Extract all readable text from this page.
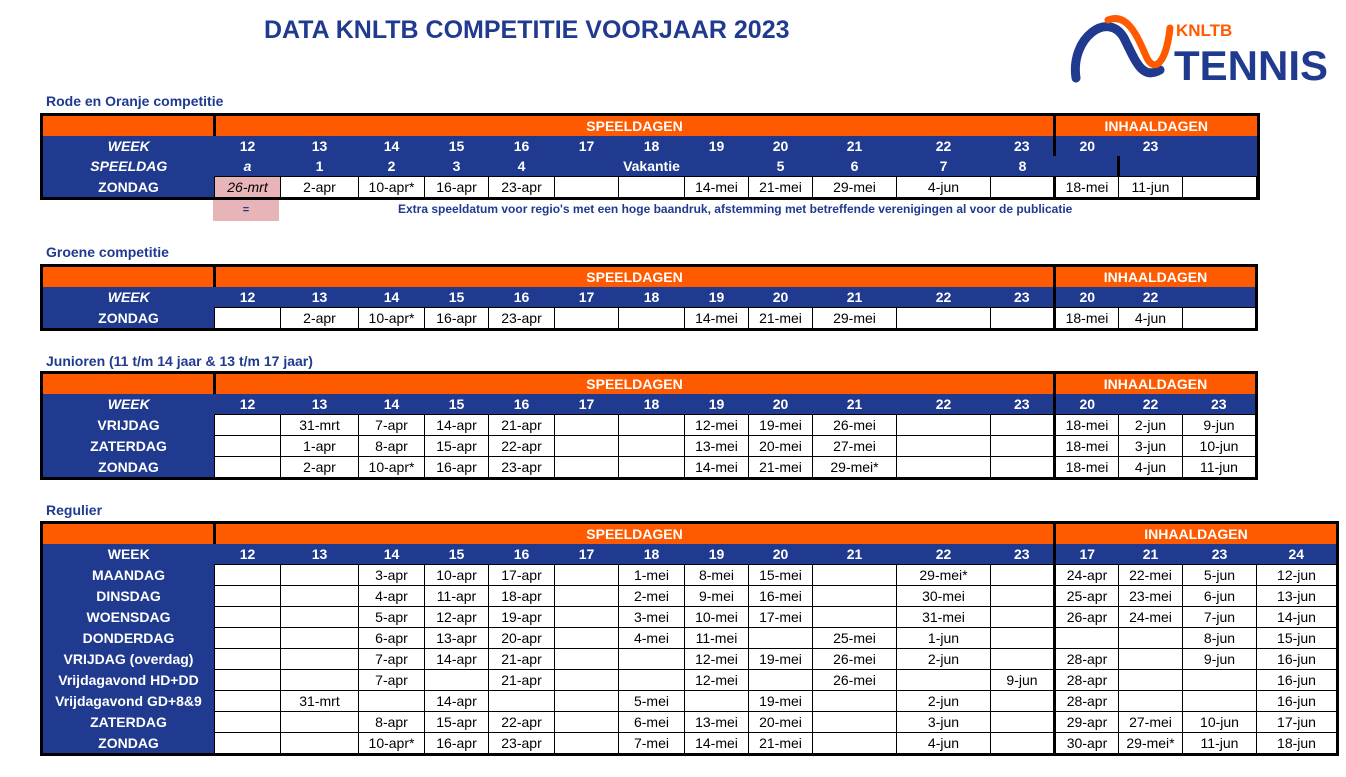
DATA KNLTB COMPETITIE VOORJAAR 2023	KNLTB
TENNIS
Rode en Oranje competitie
	SPEELDAGEN												INHAALDAGEN			
WEEK	12	13	14	15	16	17	18	19	20	21	22	23	20	23		
SPEELDAG	a	1	2	3	4	Vakantie			5	6	7	8				
ZONDAG	26-mrt	2-apr	10-apr*	16-apr	23-apr			14-mei	21-mei	29-mei	4-jun		18-mei	11-jun		
=	Extra speeldatum voor regio's met een hoge baandruk, afstemming met betreffende verenigingen al voor de publicatie
Groene competitie
	SPEELDAGEN												INHAALDAGEN		
WEEK	12	13	14	15	16	17	18	19	20	21	22	23	20	22	
ZONDAG		2-apr	10-apr*	16-apr	23-apr			14-mei	21-mei	29-mei			18-mei	4-jun	
Junioren (11 t/m 14 jaar & 13 t/m 17 jaar)
	SPEELDAGEN												INHAALDAGEN		
WEEK	12	13	14	15	16	17	18	19	20	21	22	23	20	22	23
VRIJDAG		31-mrt	7-apr	14-apr	21-apr			12-mei	19-mei	26-mei			18-mei	2-jun	9-jun
ZATERDAG		1-apr	8-apr	15-apr	22-apr			13-mei	20-mei	27-mei			18-mei	3-jun	10-jun
ZONDAG		2-apr	10-apr*	16-apr	23-apr			14-mei	21-mei	29-mei*			18-mei	4-jun	11-jun
Regulier
	SPEELDAGEN												INHAALDAGEN			
WEEK	12	13	14	15	16	17	18	19	20	21	22	23	17	21	23	24
MAANDAG			3-apr	10-apr	17-apr		1-mei	8-mei	15-mei		29-mei*		24-apr	22-mei	5-jun	12-jun
DINSDAG			4-apr	11-apr	18-apr		2-mei	9-mei	16-mei		30-mei		25-apr	23-mei	6-jun	13-jun
WOENSDAG			5-apr	12-apr	19-apr		3-mei	10-mei	17-mei		31-mei		26-apr	24-mei	7-jun	14-jun
DONDERDAG			6-apr	13-apr	20-apr		4-mei	11-mei		25-mei	1-jun				8-jun	15-jun
VRIJDAG (overdag)			7-apr	14-apr	21-apr			12-mei	19-mei	26-mei	2-jun		28-apr		9-jun	16-jun
Vrijdagavond HD+DD			7-apr		21-apr			12-mei		26-mei		9-jun	28-apr			16-jun
Vrijdagavond GD+8&9		31-mrt		14-apr			5-mei		19-mei		2-jun		28-apr			16-jun
ZATERDAG			8-apr	15-apr	22-apr		6-mei	13-mei	20-mei		3-jun		29-apr	27-mei	10-jun	17-jun
ZONDAG			10-apr*	16-apr	23-apr		7-mei	14-mei	21-mei		4-jun		30-apr	29-mei*	11-jun	18-jun
